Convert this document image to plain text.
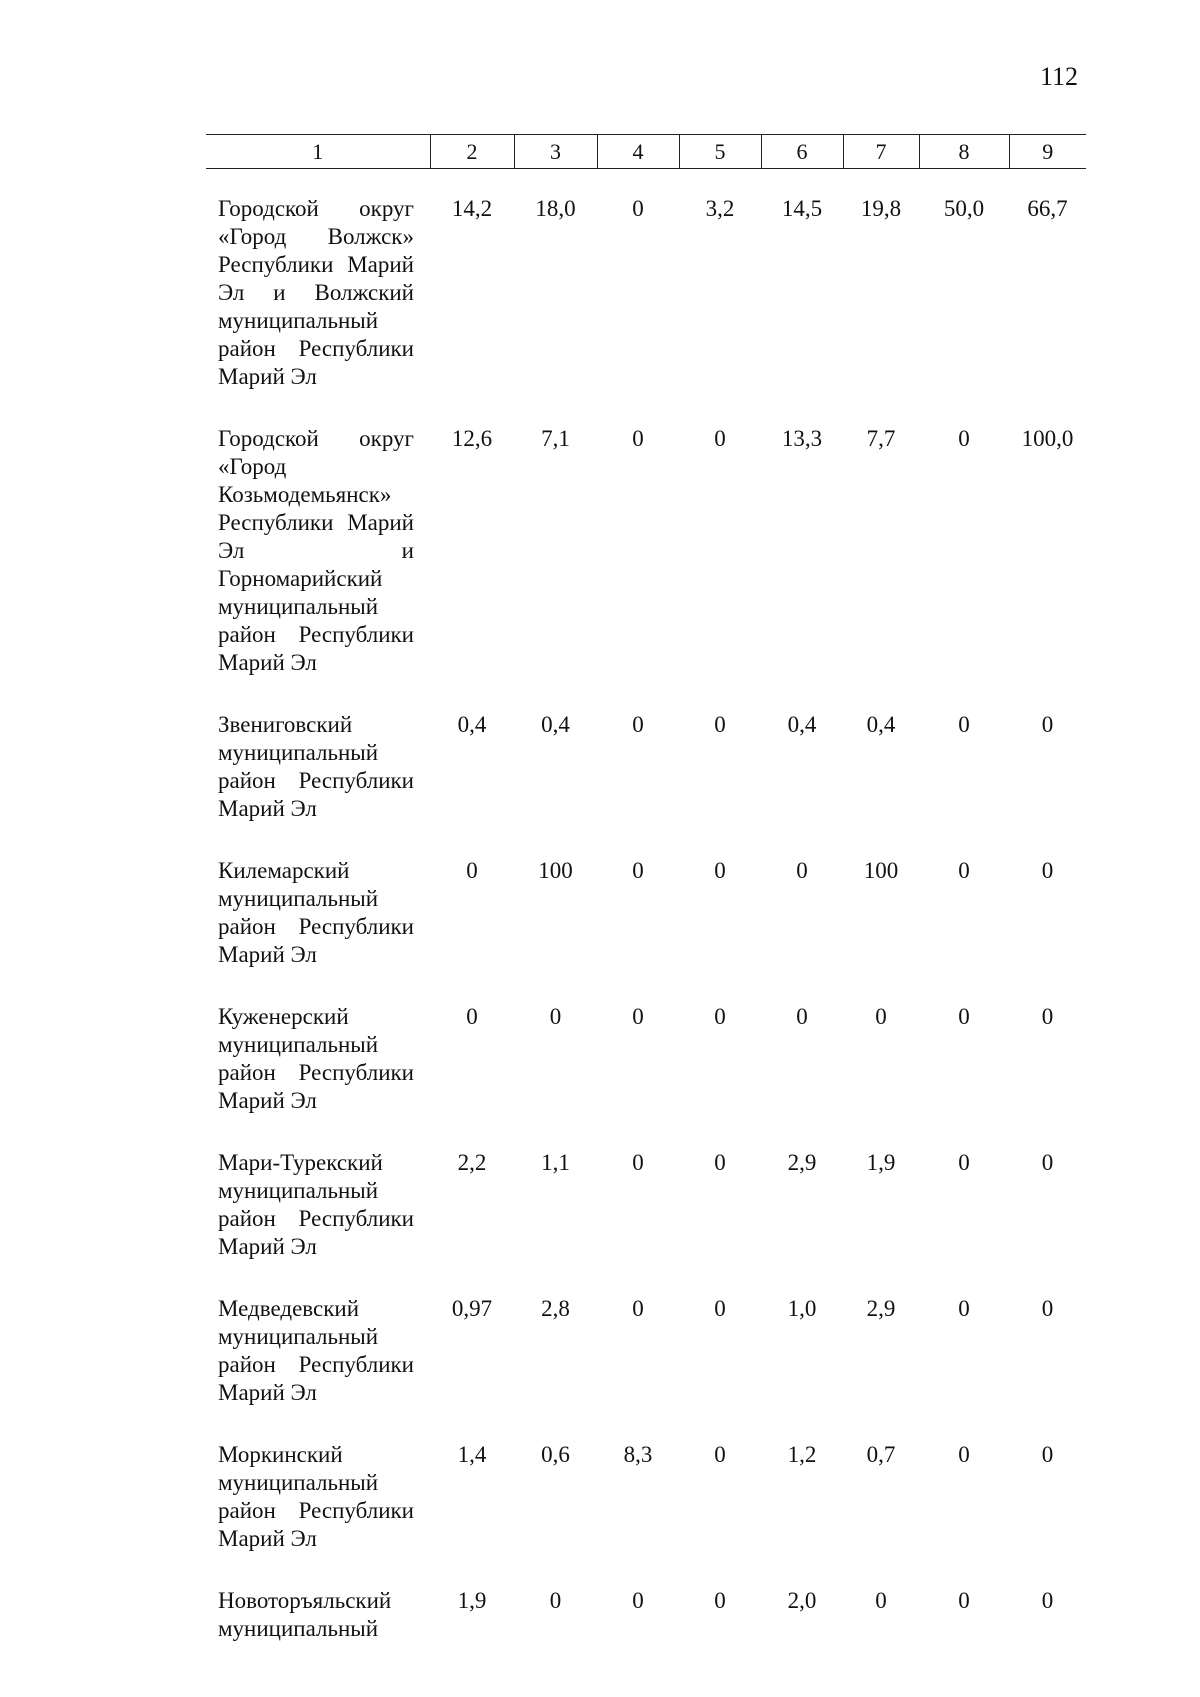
112
1	2	3	4	5	6	7	8	9

Городской округ «Город Волжск» Республики Марий Эл и Волжский муниципальный район Республики Марий Эл	14,2	18,0	0	3,2	14,5	19,8	50,0	66,7
Городской округ «Город Козьмодемьянск» Республики Марий Эл и Горномарийский муниципальный район Республики Марий Эл	12,6	7,1	0	0	13,3	7,7	0	100,0
Звениговский муниципальный район Республики Марий Эл	0,4	0,4	0	0	0,4	0,4	0	0
Килемарский муниципальный район Республики Марий Эл	0	100	0	0	0	100	0	0
Куженерский муниципальный район Республики Марий Эл	0	0	0	0	0	0	0	0
Мари-Турекский муниципальный район Республики Марий Эл	2,2	1,1	0	0	2,9	1,9	0	0
Медведевский муниципальный район Республики Марий Эл	0,97	2,8	0	0	1,0	2,9	0	0
Моркинский муниципальный район Республики Марий Эл	1,4	0,6	8,3	0	1,2	0,7	0	0
Новоторъяльский муниципальный	1,9	0	0	0	2,0	0	0	0
